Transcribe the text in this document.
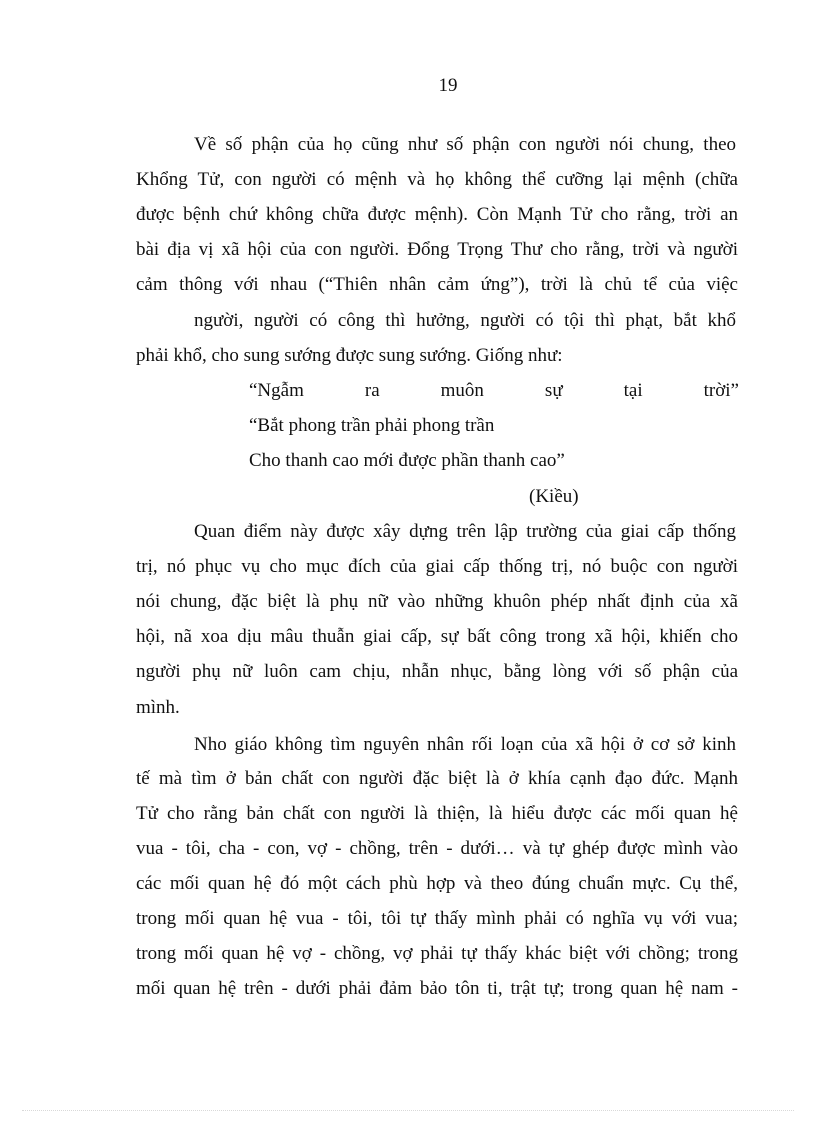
19
Về số phận của họ cũng như số phận con người nói chung, theo
Khổng Tử, con người có mệnh và họ không thể cưỡng lại mệnh (chữa
được bệnh chứ không chữa được mệnh). Còn Mạnh Tử cho rằng, trời an
bài địa vị xã hội của con người. Đổng Trọng Thư cho rằng, trời và người
cảm thông với nhau (“Thiên nhân cảm ứng”), trời là chủ tể của việc
người, người có công thì hưởng, người có tội thì phạt, bắt khổ
phải khổ, cho sung sướng được sung sướng. Giống như:
“Ngẫm	ra	muôn	sự	tại	trời”
“Bắt phong trần phải phong trần
Cho thanh cao mới được phần thanh cao”
(Kiều)
Quan điểm này được xây dựng trên lập trường của giai cấp thống
trị, nó phục vụ cho mục đích của giai cấp thống trị, nó buộc con người
nói chung, đặc biệt là phụ nữ vào những khuôn phép nhất định của xã
hội, nã xoa dịu mâu thuẫn giai cấp, sự bất công trong xã hội, khiến cho
người phụ nữ luôn cam chịu, nhẫn nhục, bằng lòng với số phận của
mình.
Nho giáo không tìm nguyên nhân rối loạn của xã hội ở cơ sở kinh
tế mà tìm ở bản chất con người đặc biệt là ở khía cạnh đạo đức. Mạnh
Tử cho rằng bản chất con người là thiện, là hiểu được các mối quan hệ
vua - tôi, cha - con, vợ - chồng, trên - dưới… và tự ghép được mình vào
các mối quan hệ đó một cách phù hợp và theo đúng chuẩn mực. Cụ thể,
trong mối quan hệ vua - tôi, tôi tự thấy mình phải có nghĩa vụ với vua;
trong mối quan hệ vợ - chồng, vợ phải tự thấy khác biệt với chồng; trong
mối quan hệ trên - dưới phải đảm bảo tôn ti, trật tự; trong quan hệ nam -
